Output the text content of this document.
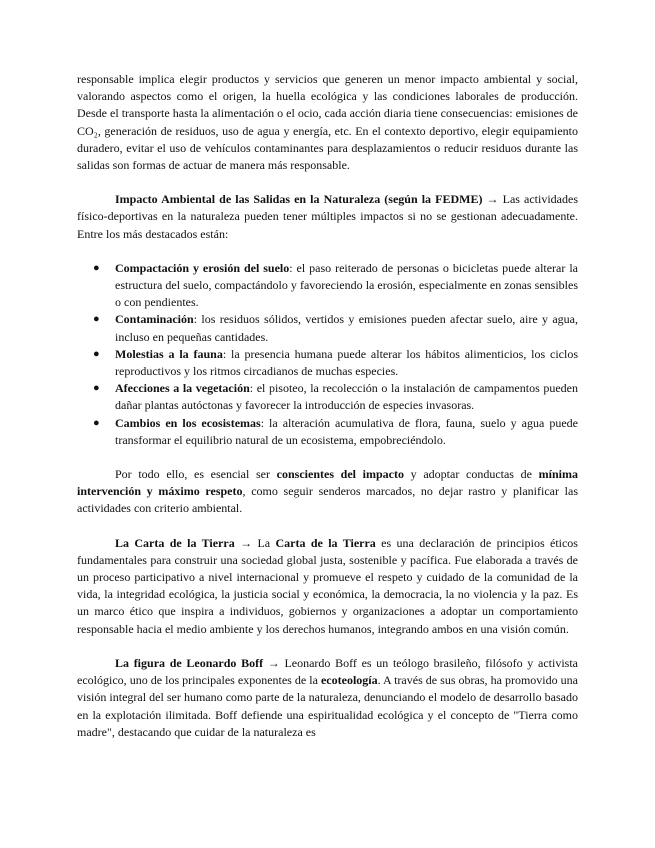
responsable implica elegir productos y servicios que generen un menor impacto ambiental y social, valorando aspectos como el origen, la huella ecológica y las condiciones laborales de producción. Desde el transporte hasta la alimentación o el ocio, cada acción diaria tiene consecuencias: emisiones de CO₂, generación de residuos, uso de agua y energía, etc. En el contexto deportivo, elegir equipamiento duradero, evitar el uso de vehículos contaminantes para desplazamientos o reducir residuos durante las salidas son formas de actuar de manera más responsable.

Impacto Ambiental de las Salidas en la Naturaleza (según la FEDME) → Las actividades físico-deportivas en la naturaleza pueden tener múltiples impactos si no se gestionan adecuadamente. Entre los más destacados están:

● Compactación y erosión del suelo: el paso reiterado de personas o bicicletas puede alterar la estructura del suelo, compactándolo y favoreciendo la erosión, especialmente en zonas sensibles o con pendientes.
● Contaminación: los residuos sólidos, vertidos y emisiones pueden afectar suelo, aire y agua, incluso en pequeñas cantidades.
● Molestias a la fauna: la presencia humana puede alterar los hábitos alimenticios, los ciclos reproductivos y los ritmos circadianos de muchas especies.
● Afecciones a la vegetación: el pisoteo, la recolección o la instalación de campamentos pueden dañar plantas autóctonas y favorecer la introducción de especies invasoras.
● Cambios en los ecosistemas: la alteración acumulativa de flora, fauna, suelo y agua puede transformar el equilibrio natural de un ecosistema, empobreciéndolo.

Por todo ello, es esencial ser conscientes del impacto y adoptar conductas de mínima intervención y máximo respeto, como seguir senderos marcados, no dejar rastro y planificar las actividades con criterio ambiental.

La Carta de la Tierra → La Carta de la Tierra es una declaración de principios éticos fundamentales para construir una sociedad global justa, sostenible y pacífica. Fue elaborada a través de un proceso participativo a nivel internacional y promueve el respeto y cuidado de la comunidad de la vida, la integridad ecológica, la justicia social y económica, la democracia, la no violencia y la paz. Es un marco ético que inspira a individuos, gobiernos y organizaciones a adoptar un comportamiento responsable hacia el medio ambiente y los derechos humanos, integrando ambos en una visión común.

La figura de Leonardo Boff → Leonardo Boff es un teólogo brasileño, filósofo y activista ecológico, uno de los principales exponentes de la ecoteología. A través de sus obras, ha promovido una visión integral del ser humano como parte de la naturaleza, denunciando el modelo de desarrollo basado en la explotación ilimitada. Boff defiende una espiritualidad ecológica y el concepto de "Tierra como madre", destacando que cuidar de la naturaleza es
